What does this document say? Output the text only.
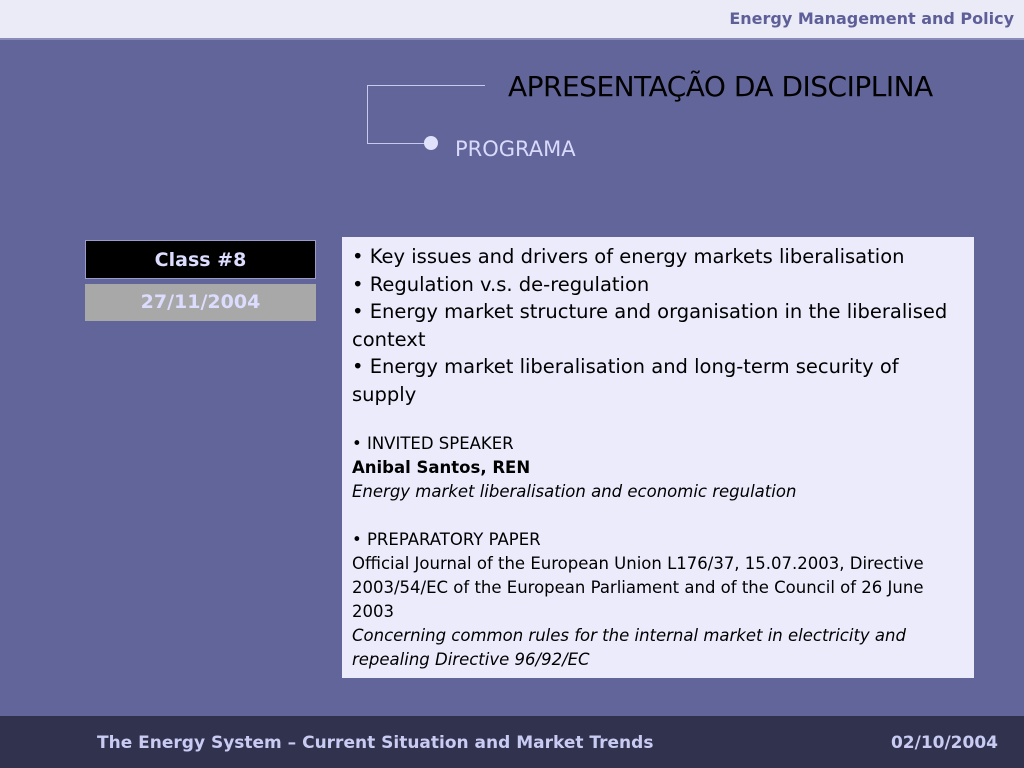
Energy Management and Policy
APRESENTAÇÃO DA DISCIPLINA
PROGRAMA
Class #8
27/11/2004
• Key issues and drivers of energy markets liberalisation
• Regulation v.s. de-regulation
• Energy market structure and organisation in the liberalised context
• Energy market liberalisation and long-term security of supply
• INVITED SPEAKER
Anibal Santos, REN
Energy market liberalisation and economic regulation
• PREPARATORY PAPER
Official Journal of the European Union L176/37, 15.07.2003, Directive 2003/54/EC of the European Parliament and of the Council of 26 June 2003
Concerning common rules for the internal market in electricity and repealing Directive 96/92/EC
The Energy System – Current Situation and Market Trends	02/10/2004
